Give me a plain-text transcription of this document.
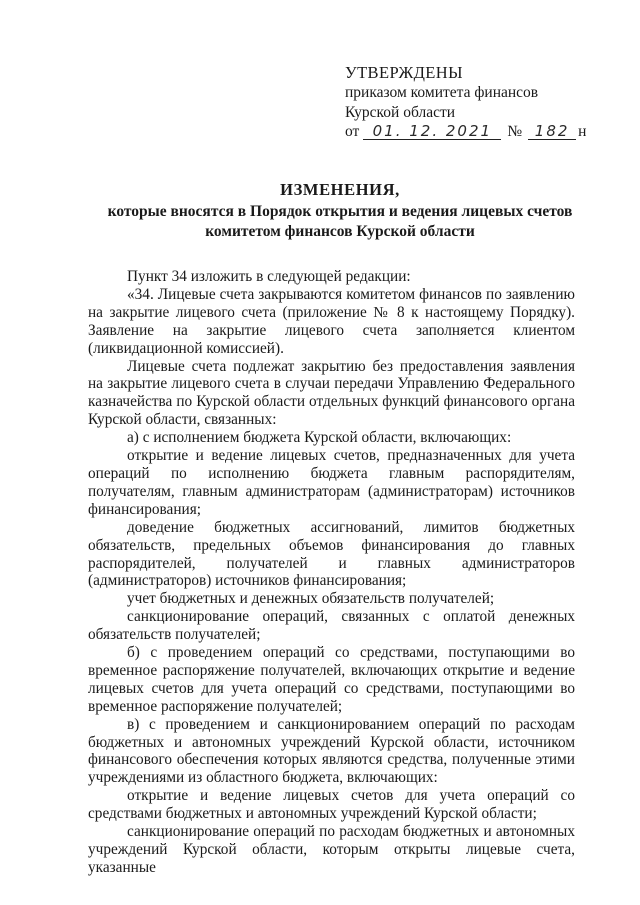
УТВЕРЖДЕНЫ
приказом комитета финансов
Курской области
от 01. 12. 2021 № 182 н
ИЗМЕНЕНИЯ,
которые вносятся в Порядок открытия и ведения лицевых счетов
комитетом финансов Курской области

Пункт 34 изложить в следующей редакции:

«34. Лицевые счета закрываются комитетом финансов по заявлению на закрытие лицевого счета (приложение № 8 к настоящему Порядку). Заявление на закрытие лицевого счета заполняется клиентом (ликвидационной комиссией).

Лицевые счета подлежат закрытию без предоставления заявления на закрытие лицевого счета в случаи передачи Управлению Федерального казначейства по Курской области отдельных функций финансового органа Курской области, связанных:

а) с исполнением бюджета Курской области, включающих:

открытие и ведение лицевых счетов, предназначенных для учета операций по исполнению бюджета главным распорядителям, получателям, главным администраторам (администраторам) источников финансирования;

доведение бюджетных ассигнований, лимитов бюджетных обязательств, предельных объемов финансирования до главных распорядителей, получателей и главных администраторов (администраторов) источников финансирования;

учет бюджетных и денежных обязательств получателей;

санкционирование операций, связанных с оплатой денежных обязательств получателей;

б) с проведением операций со средствами, поступающими во временное распоряжение получателей, включающих открытие и ведение лицевых счетов для учета операций со средствами, поступающими во временное распоряжение получателей;

в) с проведением и санкционированием операций по расходам бюджетных и автономных учреждений Курской области, источником финансового обеспечения которых являются средства, полученные этими учреждениями из областного бюджета, включающих:

открытие и ведение лицевых счетов для учета операций со средствами бюджетных и автономных учреждений Курской области;

санкционирование операций по расходам бюджетных и автономных учреждений Курской области, которым открыты лицевые счета, указанные
